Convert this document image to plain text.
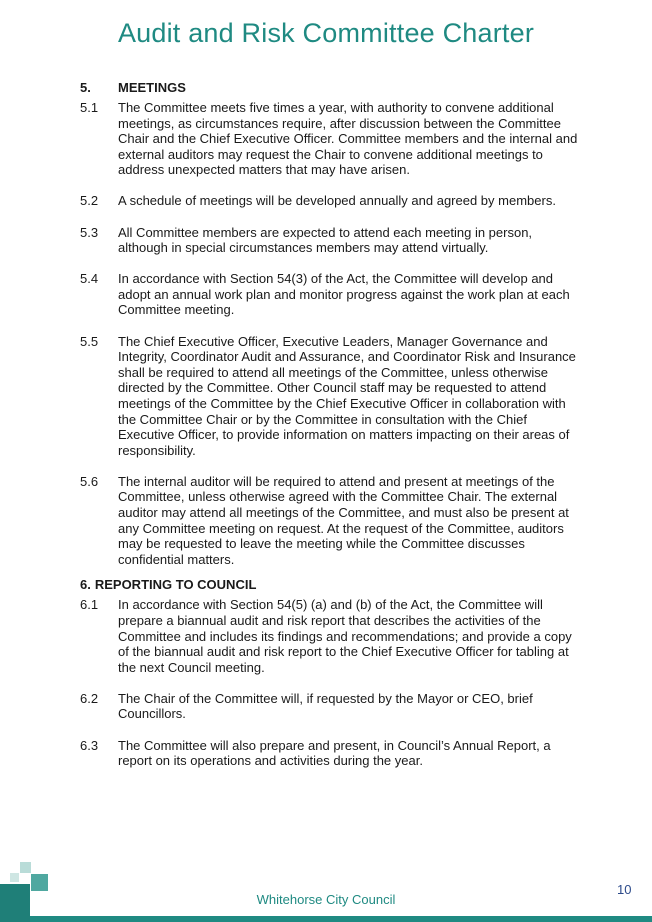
Audit and Risk Committee Charter
5.	MEETINGS
5.1	The Committee meets five times a year, with authority to convene additional meetings, as circumstances require, after discussion between the Committee Chair and the Chief Executive Officer. Committee members and the internal and external auditors may request the Chair to convene additional meetings to address unexpected matters that may have arisen.
5.2	A schedule of meetings will be developed annually and agreed by members.
5.3	All Committee members are expected to attend each meeting in person, although in special circumstances members may attend virtually.
5.4	In accordance with Section 54(3) of the Act, the Committee will develop and adopt an annual work plan and monitor progress against the work plan at each Committee meeting.
5.5	The Chief Executive Officer, Executive Leaders, Manager Governance and Integrity, Coordinator Audit and Assurance, and Coordinator Risk and Insurance shall be required to attend all meetings of the Committee, unless otherwise directed by the Committee. Other Council staff may be requested to attend meetings of the Committee by the Chief Executive Officer in collaboration with the Committee Chair or by the Committee in consultation with the Chief Executive Officer, to provide information on matters impacting on their areas of responsibility.
5.6	The internal auditor will be required to attend and present at meetings of the Committee, unless otherwise agreed with the Committee Chair. The external auditor may attend all meetings of the Committee, and must also be present at any Committee meeting on request. At the request of the Committee, auditors may be requested to leave the meeting while the Committee discusses confidential matters.
6. REPORTING TO COUNCIL
6.1	In accordance with Section 54(5) (a) and (b) of the Act, the Committee will prepare a biannual audit and risk report that describes the activities of the Committee and includes its findings and recommendations; and provide a copy of the biannual audit and risk report to the Chief Executive Officer for tabling at the next Council meeting.
6.2	The Chair of the Committee will, if requested by the Mayor or CEO, brief Councillors.
6.3	The Committee will also prepare and present, in Council’s Annual Report, a report on its operations and activities during the year.
Whitehorse City Council
10
